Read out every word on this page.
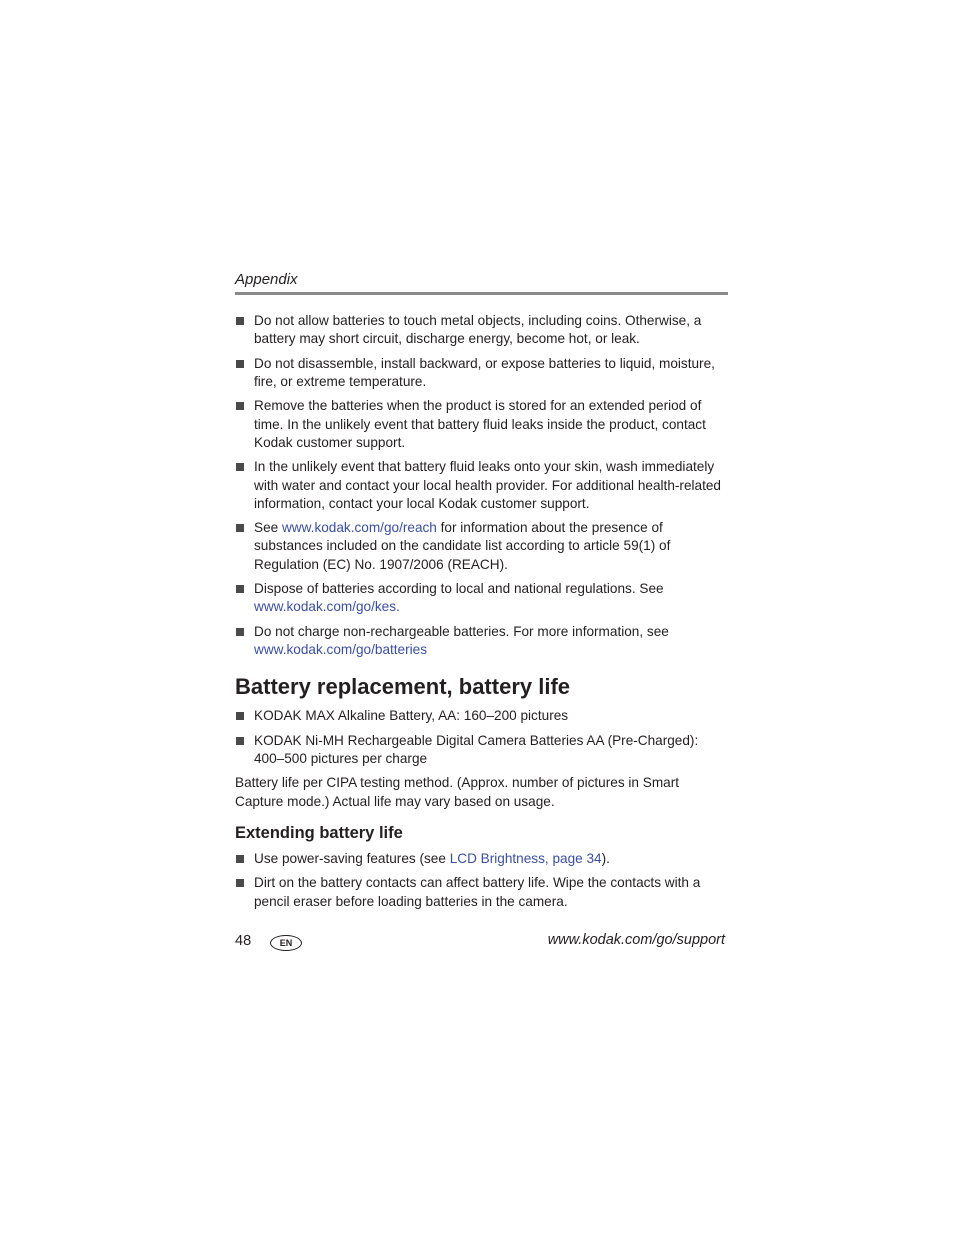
Appendix
Do not allow batteries to touch metal objects, including coins. Otherwise, a battery may short circuit, discharge energy, become hot, or leak.
Do not disassemble, install backward, or expose batteries to liquid, moisture, fire, or extreme temperature.
Remove the batteries when the product is stored for an extended period of time. In the unlikely event that battery fluid leaks inside the product, contact Kodak customer support.
In the unlikely event that battery fluid leaks onto your skin, wash immediately with water and contact your local health provider. For additional health-related information, contact your local Kodak customer support.
See www.kodak.com/go/reach for information about the presence of substances included on the candidate list according to article 59(1) of Regulation (EC) No. 1907/2006 (REACH).
Dispose of batteries according to local and national regulations. See www.kodak.com/go/kes.
Do not charge non-rechargeable batteries. For more information, see www.kodak.com/go/batteries
Battery replacement, battery life
KODAK MAX Alkaline Battery, AA: 160–200 pictures
KODAK Ni-MH Rechargeable Digital Camera Batteries AA (Pre-Charged): 400–500 pictures per charge

Battery life per CIPA testing method. (Approx. number of pictures in Smart Capture mode.) Actual life may vary based on usage.

Extending battery life
Use power-saving features (see LCD Brightness, page 34).
Dirt on the battery contacts can affect battery life. Wipe the contacts with a pencil eraser before loading batteries in the camera.
48	EN	www.kodak.com/go/support
